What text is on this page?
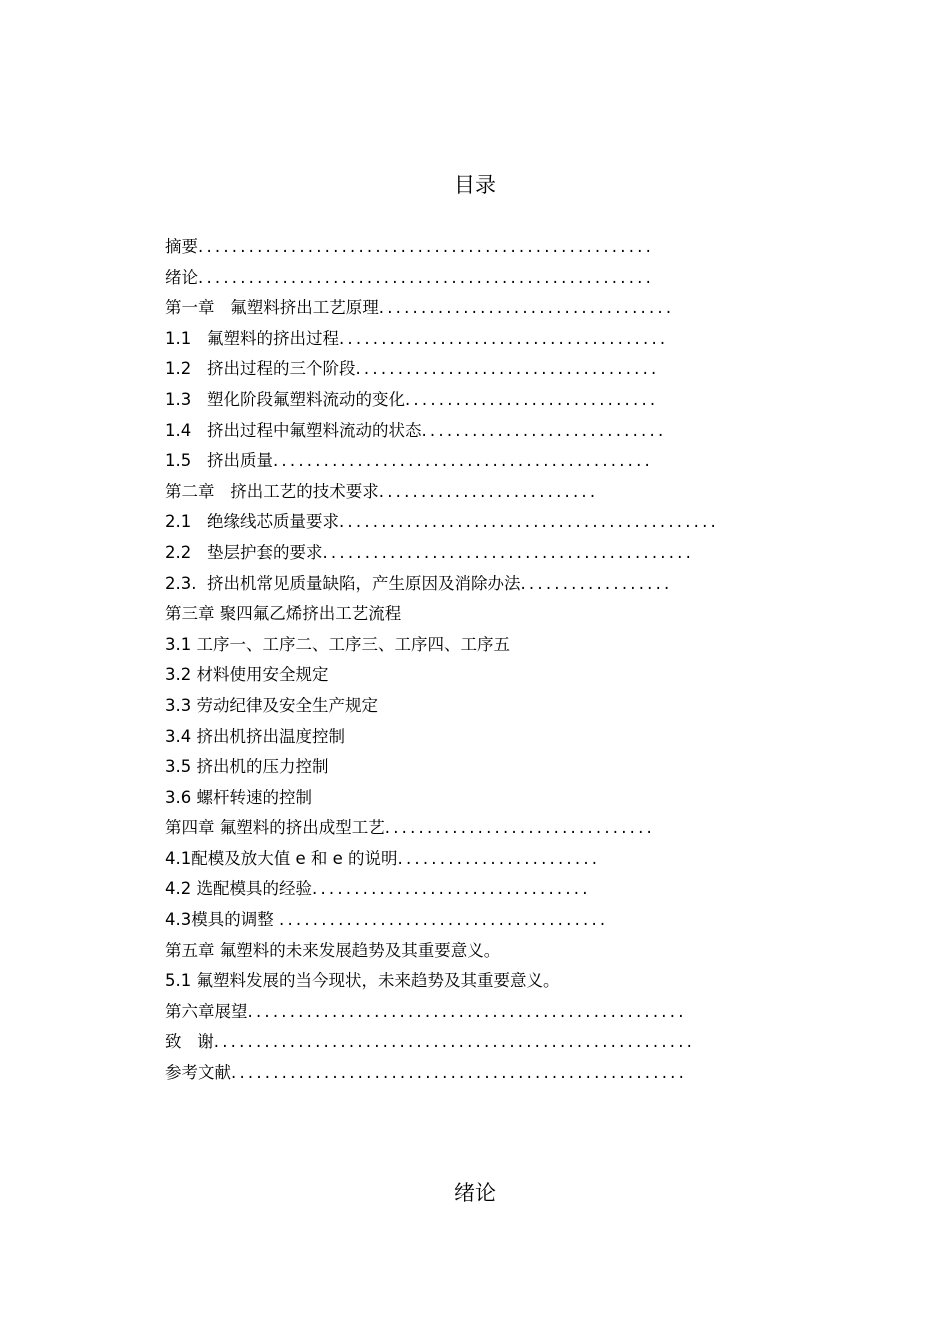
目录
摘要......................................................
绪论......................................................
第一章   氟塑料挤出工艺原理...................................
1.1   氟塑料的挤出过程.......................................
1.2   挤出过程的三个阶段....................................
1.3   塑化阶段氟塑料流动的变化..............................
1.4   挤出过程中氟塑料流动的状态.............................
1.5   挤出质量.............................................
第二章   挤出工艺的技术要求..........................
2.1   绝缘线芯质量要求.............................................
2.2   垫层护套的要求............................................
2.3.  挤出机常见质量缺陷，产生原因及消除办法..................
第三章 聚四氟乙烯挤出工艺流程
3.1 工序一、工序二、工序三、工序四、工序五
3.2 材料使用安全规定
3.3 劳动纪律及安全生产规定
3.4 挤出机挤出温度控制
3.5 挤出机的压力控制
3.6 螺杆转速的控制
第四章 氟塑料的挤出成型工艺................................
4.1配模及放大值 e 和 e 的说明........................
4.2 选配模具的经验.................................
4.3模具的调整 .......................................
第五章 氟塑料的未来发展趋势及其重要意义。
5.1 氟塑料发展的当今现状，未来趋势及其重要意义。
第六章展望....................................................
致   谢.........................................................
参考文献......................................................
绪论
